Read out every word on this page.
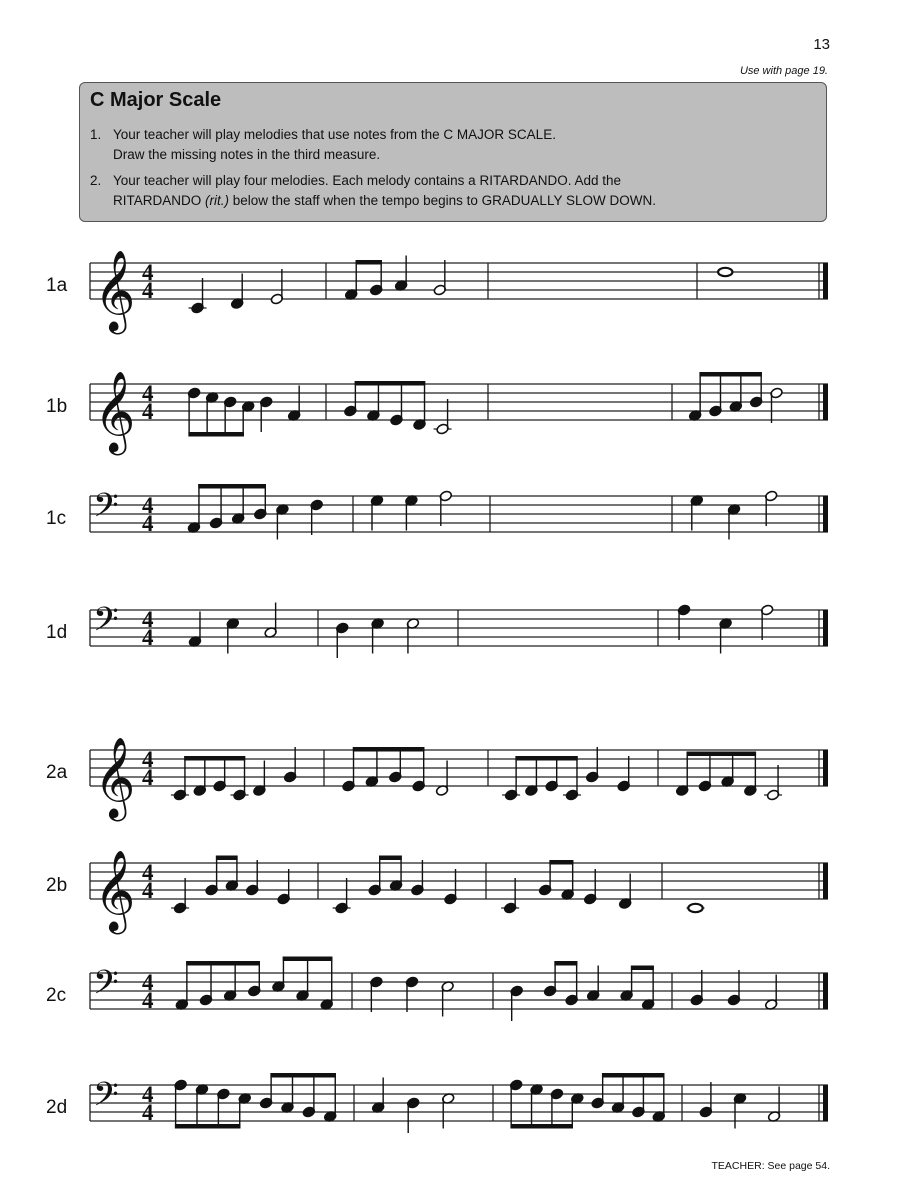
13
Use with page 19.
C Major Scale
1. Your teacher will play melodies that use notes from the C MAJOR SCALE.
Draw the missing notes in the third measure.
2. Your teacher will play four melodies. Each melody contains a RITARDANDO. Add the
RITARDANDO (rit.) below the staff when the tempo begins to GRADUALLY SLOW DOWN.
1a 𝄞 4
4
1b 𝄞 4
4
1c 𝄢 4
4
1d 𝄢 4
4
2a 𝄞 4
4
2b 𝄞 4
4
2c 𝄢 4
4
2d 𝄢 4
4
TEACHER: See page 54.
